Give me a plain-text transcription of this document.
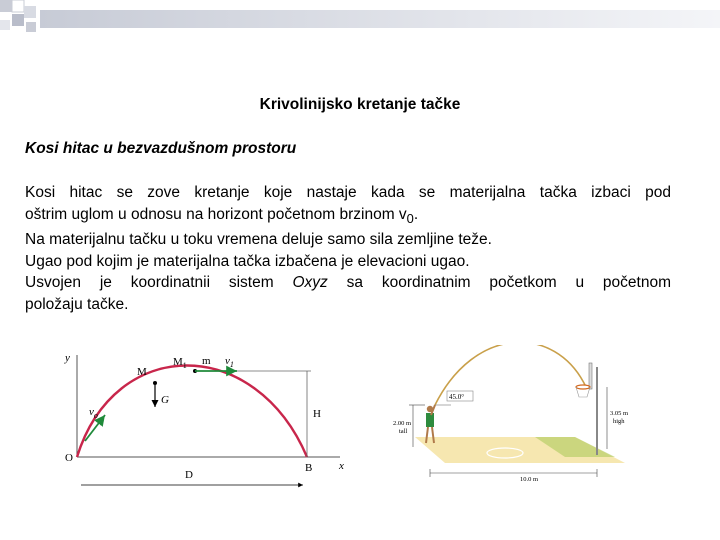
Krivolinijsko kretanje tačke
Kosi hitac u bezvazdušnom prostoru

Kosi hitac se zove kretanje koje nastaje kada se materijalna tačka izbaci pod

oštrim uglom u odnosu na horizont početnom brzinom $v_0$.

Na materijalnu tačku u toku vremena deluje samo sila zemljine teže.

Ugao pod kojim je materijalna tačka izbačena je elevacioni ugao.

Usvojen je koordinatnii sistem Oxyz sa koordinatnim početkom u početnom

položaju tačke.

y
x
H
D
O
B
M
G
$M_1$ m $v_1$
$v_o$
45.0°
2.00 m
tall
3.05 m
high
10.0 m
